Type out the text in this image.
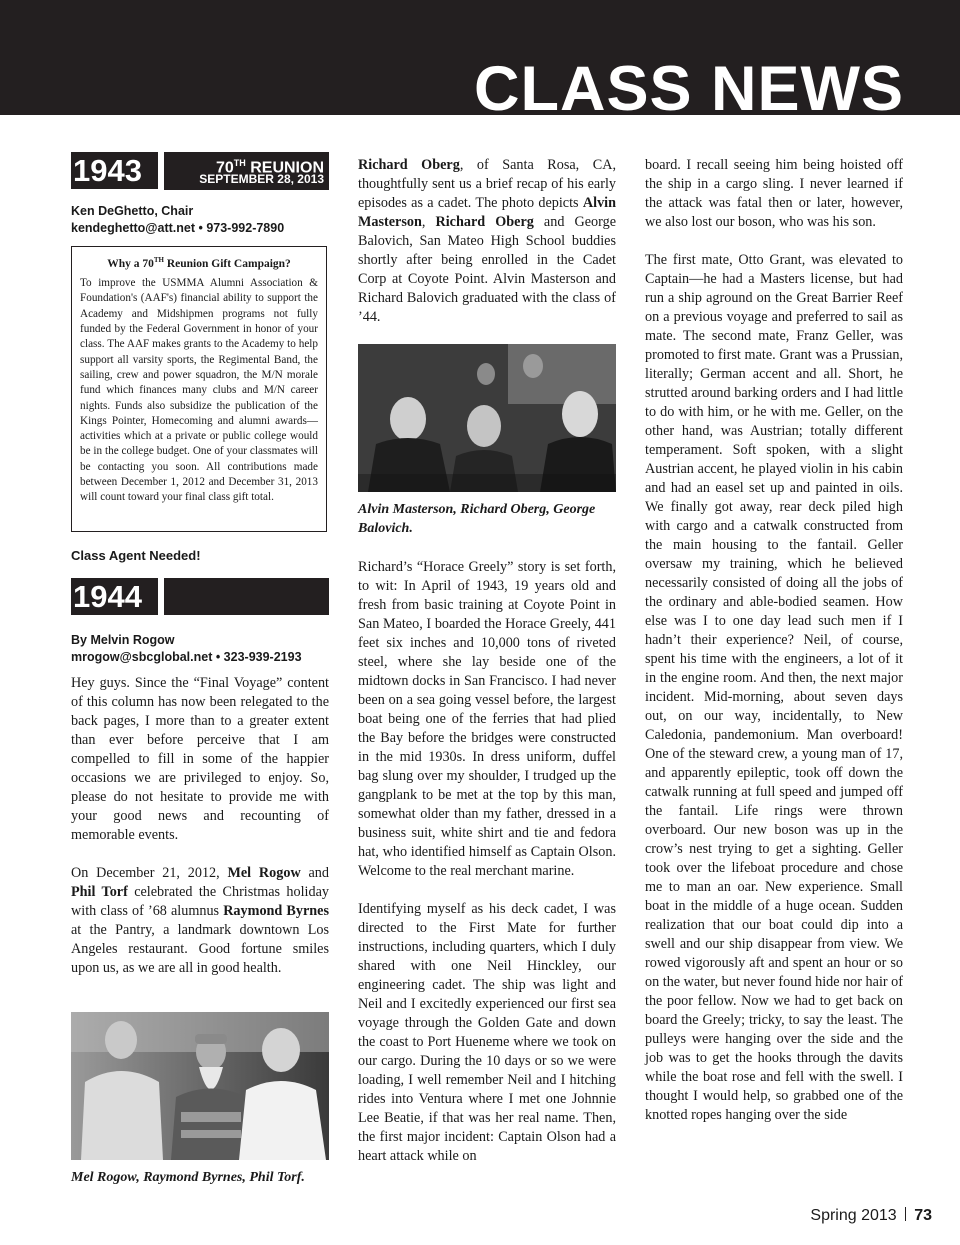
CLASS NEWS
1943	70TH REUNION
SEPTEMBER 28, 2013
Ken DeGhetto, Chair
kendeghetto@att.net • 973-992-7890
Why a 70TH Reunion Gift Campaign?
To improve the USMMA Alumni Association & Foundation's (AAF's) financial ability to support the Academy and Midshipmen programs not fully funded by the Federal Government in honor of your class. The AAF makes grants to the Academy to help support all varsity sports, the Regimental Band, the sailing, crew and power squadron, the M/N morale fund which finances many clubs and M/N career nights. Funds also subsidize the publication of the Kings Pointer, Homecoming and alumni awards—activities which at a private or public college would be in the college budget. One of your classmates will be contacting you soon. All contributions made between December 1, 2012 and December 31, 2013 will count toward your final class gift total.
Class Agent Needed!
1944
By Melvin Rogow
mrogow@sbcglobal.net • 323-939-2193

Hey guys. Since the “Final Voyage” content of this column has now been relegated to the back pages, I more than to a greater extent than ever before perceive that I am compelled to fill in some of the happier occasions we are privileged to enjoy. So, please do not hesitate to provide me with your good news and recounting of memorable events.

On December 21, 2012, Mel Rogow and Phil Torf celebrated the Christmas holiday with class of ’68 alumnus Raymond Byrnes at the Pantry, a landmark downtown Los Angeles restaurant. Good fortune smiles upon us, as we are all in good health.

Mel Rogow, Raymond Byrnes, Phil Torf.

Richard Oberg, of Santa Rosa, CA, thoughtfully sent us a brief recap of his early episodes as a cadet. The photo depicts Alvin Masterson, Richard Oberg and George Balovich, San Mateo High School buddies shortly after being enrolled in the Cadet Corp at Coyote Point. Alvin Masterson and Richard Balovich graduated with the class of ’44.

Alvin Masterson, Richard Oberg, George Balovich.

Richard’s “Horace Greely” story is set forth, to wit: In April of 1943, 19 years old and fresh from basic training at Coyote Point in San Mateo, I boarded the Horace Greely, 441 feet six inches and 10,000 tons of riveted steel, where she lay beside one of the midtown docks in San Francisco. I had never been on a sea going vessel before, the largest boat being one of the ferries that had plied the Bay before the bridges were constructed in the mid 1930s. In dress uniform, duffel bag slung over my shoulder, I trudged up the gangplank to be met at the top by this man, somewhat older than my father, dressed in a business suit, white shirt and tie and fedora hat, who identified himself as Captain Olson. Welcome to the real merchant marine.

Identifying myself as his deck cadet, I was directed to the First Mate for further instructions, including quarters, which I duly shared with one Neil Hinckley, our engineering cadet. The ship was light and Neil and I excitedly experienced our first sea voyage through the Golden Gate and down the coast to Port Hueneme where we took on our cargo. During the 10 days or so we were loading, I well remember Neil and I hitching rides into Ventura where I met one Johnnie Lee Beatie, if that was her real name. Then, the first major incident: Captain Olson had a heart attack while on

board. I recall seeing him being hoisted off the ship in a cargo sling. I never learned if the attack was fatal then or later, however, we also lost our boson, who was his son.

The first mate, Otto Grant, was elevated to Captain—he had a Masters license, but had run a ship aground on the Great Barrier Reef on a previous voyage and preferred to sail as mate. The second mate, Franz Geller, was promoted to first mate. Grant was a Prussian, literally; German accent and all. Short, he strutted around barking orders and I had little to do with him, or he with me. Geller, on the other hand, was Austrian; totally different temperament. Soft spoken, with a slight Austrian accent, he played violin in his cabin and had an easel set up and painted in oils. We finally got away, rear deck piled high with cargo and a catwalk constructed from the main housing to the fantail. Geller oversaw my training, which he believed necessarily consisted of doing all the jobs of the ordinary and able-bodied seamen. How else was I to one day lead such men if I hadn’t their experience? Neil, of course, spent his time with the engineers, a lot of it in the engine room. And then, the next major incident. Mid-morning, about seven days out, on our way, incidentally, to New Caledonia, pandemonium. Man overboard! One of the steward crew, a young man of 17, and apparently epileptic, took off down the catwalk running at full speed and jumped off the fantail. Life rings were thrown overboard. Our new boson was up in the crow’s nest trying to get a sighting. Geller took over the lifeboat procedure and chose me to man an oar. New experience. Small boat in the middle of a huge ocean. Sudden realization that our boat could dip into a swell and our ship disappear from view. We rowed vigorously aft and spent an hour or so on the water, but never found hide nor hair of the poor fellow. Now we had to get back on board the Greely; tricky, to say the least. The pulleys were hanging over the side and the job was to get the hooks through the davits while the boat rose and fell with the swell. I thought I would help, so grabbed one of the knotted ropes hanging over the side

Spring 2013 73
